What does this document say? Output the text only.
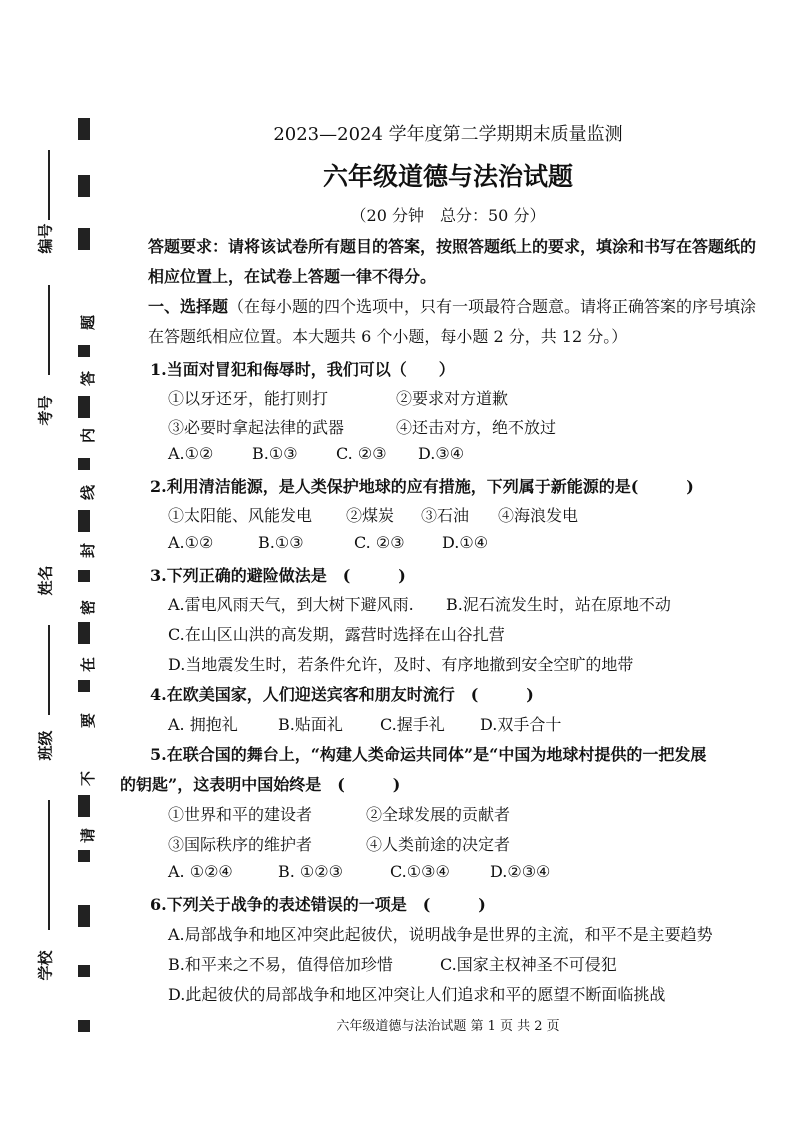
编号
考号
姓名
班级
学校
题
答
内
线
封
密
在
要
不
请
2023—2024 学年度第二学期期末质量监测
六年级道德与法治试题
（20 分钟　总分：50 分）
答题要求：请将该试卷所有题目的答案，按照答题纸上的要求，填涂和书写在答题纸的相应位置上，在试卷上答题一律不得分。
一、选择题（在每小题的四个选项中，只有一项最符合题意。请将正确答案的序号填涂在答题纸相应位置。本大题共 6 个小题，每小题 2 分，共 12 分。）
1.当面对冒犯和侮辱时，我们可以（　　）
①以牙还牙，能打则打	②要求对方道歉
③必要时拿起法律的武器	④还击对方，绝不放过
A.①② B.①③ C. ②③ D.③④
2.利用清洁能源，是人类保护地球的应有措施，下列属于新能源的是(　　　)
①太阳能、风能发电 ②煤炭 ③石油 ④海浪发电
A.①②	B.①③	C. ②③ D.①④
3.下列正确的避险做法是　(　　　)
A.雷电风雨天气，到大树下避风雨. B.泥石流发生时，站在原地不动
C.在山区山洪的高发期，露营时选择在山谷扎营
D.当地震发生时，若条件允许，及时、有序地撤到安全空旷的地带
4.在欧美国家，人们迎送宾客和朋友时流行　(　　　)
A. 拥抱礼	B.贴面礼 C.握手礼 D.双手合十
5.在联合国的舞台上，“构建人类命运共同体”是“中国为地球村提供的一把发展
的钥匙”，这表明中国始终是　(　　　)
①世界和平的建设者	②全球发展的贡献者
③国际秩序的维护者	④人类前途的决定者
A. ①②④	B. ①②③	C.①③④	D.②③④
6.下列关于战争的表述错误的一项是　(　　　)
A.局部战争和地区冲突此起彼伏，说明战争是世界的主流，和平不是主要趋势
B.和平来之不易，值得倍加珍惜	C.国家主权神圣不可侵犯
D.此起彼伏的局部战争和地区冲突让人们追求和平的愿望不断面临挑战
六年级道德与法治试题 第 1 页 共 2 页
